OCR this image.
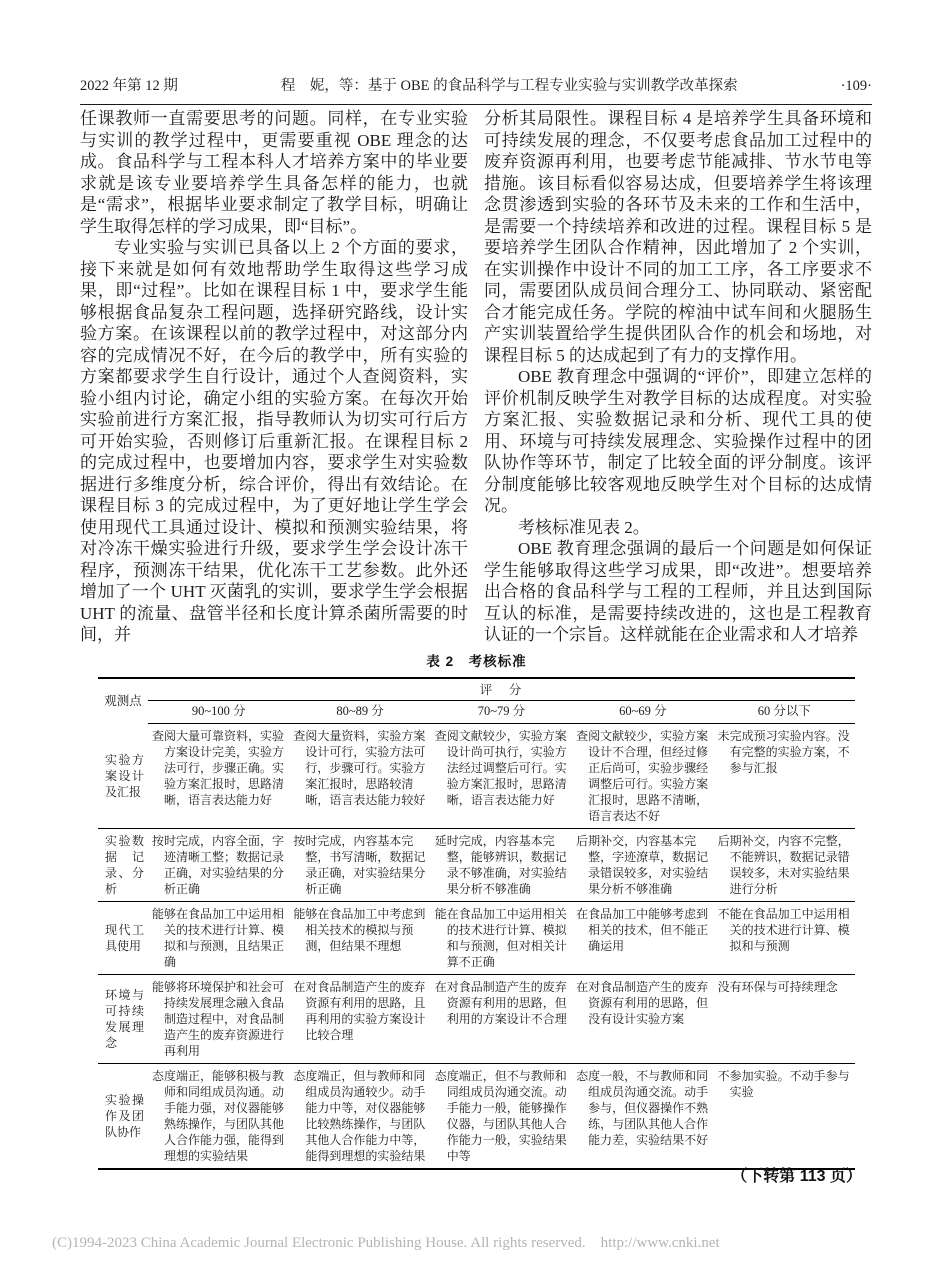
2022 年第 12 期	程　妮，等：基于 OBE 的食品科学与工程专业实验与实训教学改革探索	·109·

任课教师一直需要思考的问题。同样，在专业实验与实训的教学过程中，更需要重视 OBE 理念的达成。食品科学与工程本科人才培养方案中的毕业要求就是该专业要培养学生具备怎样的能力，也就是“需求”，根据毕业要求制定了教学目标，明确让学生取得怎样的学习成果，即“目标”。

专业实验与实训已具备以上 2 个方面的要求，接下来就是如何有效地帮助学生取得这些学习成果，即“过程”。比如在课程目标 1 中，要求学生能够根据食品复杂工程问题，选择研究路线，设计实验方案。在该课程以前的教学过程中，对这部分内容的完成情况不好，在今后的教学中，所有实验的方案都要求学生自行设计，通过个人查阅资料，实验小组内讨论，确定小组的实验方案。在每次开始实验前进行方案汇报，指导教师认为切实可行后方可开始实验，否则修订后重新汇报。在课程目标 2 的完成过程中，也要增加内容，要求学生对实验数据进行多维度分析，综合评价，得出有效结论。在课程目标 3 的完成过程中，为了更好地让学生学会使用现代工具通过设计、模拟和预测实验结果，将对冷冻干燥实验进行升级，要求学生学会设计冻干程序，预测冻干结果，优化冻干工艺参数。此外还增加了一个 UHT 灭菌乳的实训，要求学生学会根据 UHT 的流量、盘管半径和长度计算杀菌所需要的时间，并

分析其局限性。课程目标 4 是培养学生具备环境和可持续发展的理念，不仅要考虑食品加工过程中的废弃资源再利用，也要考虑节能减排、节水节电等措施。该目标看似容易达成，但要培养学生将该理念贯渗透到实验的各环节及未来的工作和生活中，是需要一个持续培养和改进的过程。课程目标 5 是要培养学生团队合作精神，因此增加了 2 个实训，在实训操作中设计不同的加工工序，各工序要求不同，需要团队成员间合理分工、协同联动、紧密配合才能完成任务。学院的榨油中试车间和火腿肠生产实训装置给学生提供团队合作的机会和场地，对课程目标 5 的达成起到了有力的支撑作用。

OBE 教育理念中强调的“评价”，即建立怎样的评价机制反映学生对教学目标的达成程度。对实验方案汇报、实验数据记录和分析、现代工具的使用、环境与可持续发展理念、实验操作过程中的团队协作等环节，制定了比较全面的评分制度。该评分制度能够比较客观地反映学生对个目标的达成情况。

考核标准见表 2。

OBE 教育理念强调的最后一个问题是如何保证学生能够取得这些学习成果，即“改进”。想要培养出合格的食品科学与工程的工程师，并且达到国际互认的标准，是需要持续改进的，这也是工程教育认证的一个宗旨。这样就能在企业需求和人才培养

表 2　考核标准
观测点	评　分				
	90~100 分	80~89 分	70~79 分	60~69 分	60 分以下
实验方案设计及汇报	查阅大量可靠资料，实验方案设计完美，实验方法可行，步骤正确。实验方案汇报时，思路清晰，语言表达能力好	查阅大量资料，实验方案设计可行，实验方法可行，步骤可行。实验方案汇报时，思路较清晰，语言表达能力较好	查阅文献较少，实验方案设计尚可执行，实验方法经过调整后可行。实验方案汇报时，思路清晰，语言表达能力好	查阅文献较少，实验方案设计不合理，但经过修正后尚可，实验步骤经调整后可行。实验方案汇报时，思路不清晰，语言表达不好	未完成预习实验内容。没有完整的实验方案，不参与汇报
实验数据记录、分析	按时完成，内容全面，字迹清晰工整；数据记录正确，对实验结果的分析正确	按时完成，内容基本完整，书写清晰，数据记录正确，对实验结果分析正确	延时完成，内容基本完整，能够辨识，数据记录不够准确，对实验结果分析不够准确	后期补交，内容基本完整，字迹潦草，数据记录错误较多，对实验结果分析不够准确	后期补交，内容不完整，不能辨识，数据记录错误较多，未对实验结果进行分析
现代工具使用	能够在食品加工中运用相关的技术进行计算、模拟和与预测，且结果正确	能够在食品加工中考虑到相关技术的模拟与预测，但结果不理想	能在食品加工中运用相关的技术进行计算、模拟和与预测，但对相关计算不正确	在食品加工中能够考虑到相关的技术，但不能正确运用	不能在食品加工中运用相关的技术进行计算、模拟和与预测
环境与可持续发展理念	能够将环境保护和社会可持续发展理念融入食品制造过程中，对食品制造产生的废弃资源进行再利用	在对食品制造产生的废弃资源有利用的思路，且再利用的实验方案设计比较合理	在对食品制造产生的废弃资源有利用的思路，但利用的方案设计不合理	在对食品制造产生的废弃资源有利用的思路，但没有设计实验方案	没有环保与可持续理念
实验操作及团队协作	态度端正，能够积极与教师和同组成员沟通。动手能力强，对仪器能够熟练操作，与团队其他人合作能力强，能得到理想的实验结果	态度端正，但与教师和同组成员沟通较少。动手能力中等，对仪器能够比较熟练操作，与团队其他人合作能力中等，能得到理想的实验结果	态度端正，但不与教师和同组成员沟通交流。动手能力一般，能够操作仪器，与团队其他人合作能力一般，实验结果中等	态度一般，不与教师和同组成员沟通交流。动手参与，但仪器操作不熟练，与团队其他人合作能力差，实验结果不好	不参加实验。不动手参与实验
（下转第 113 页）
(C)1994-2023 China Academic Journal Electronic Publishing House. All rights reserved.    http://www.cnki.net
